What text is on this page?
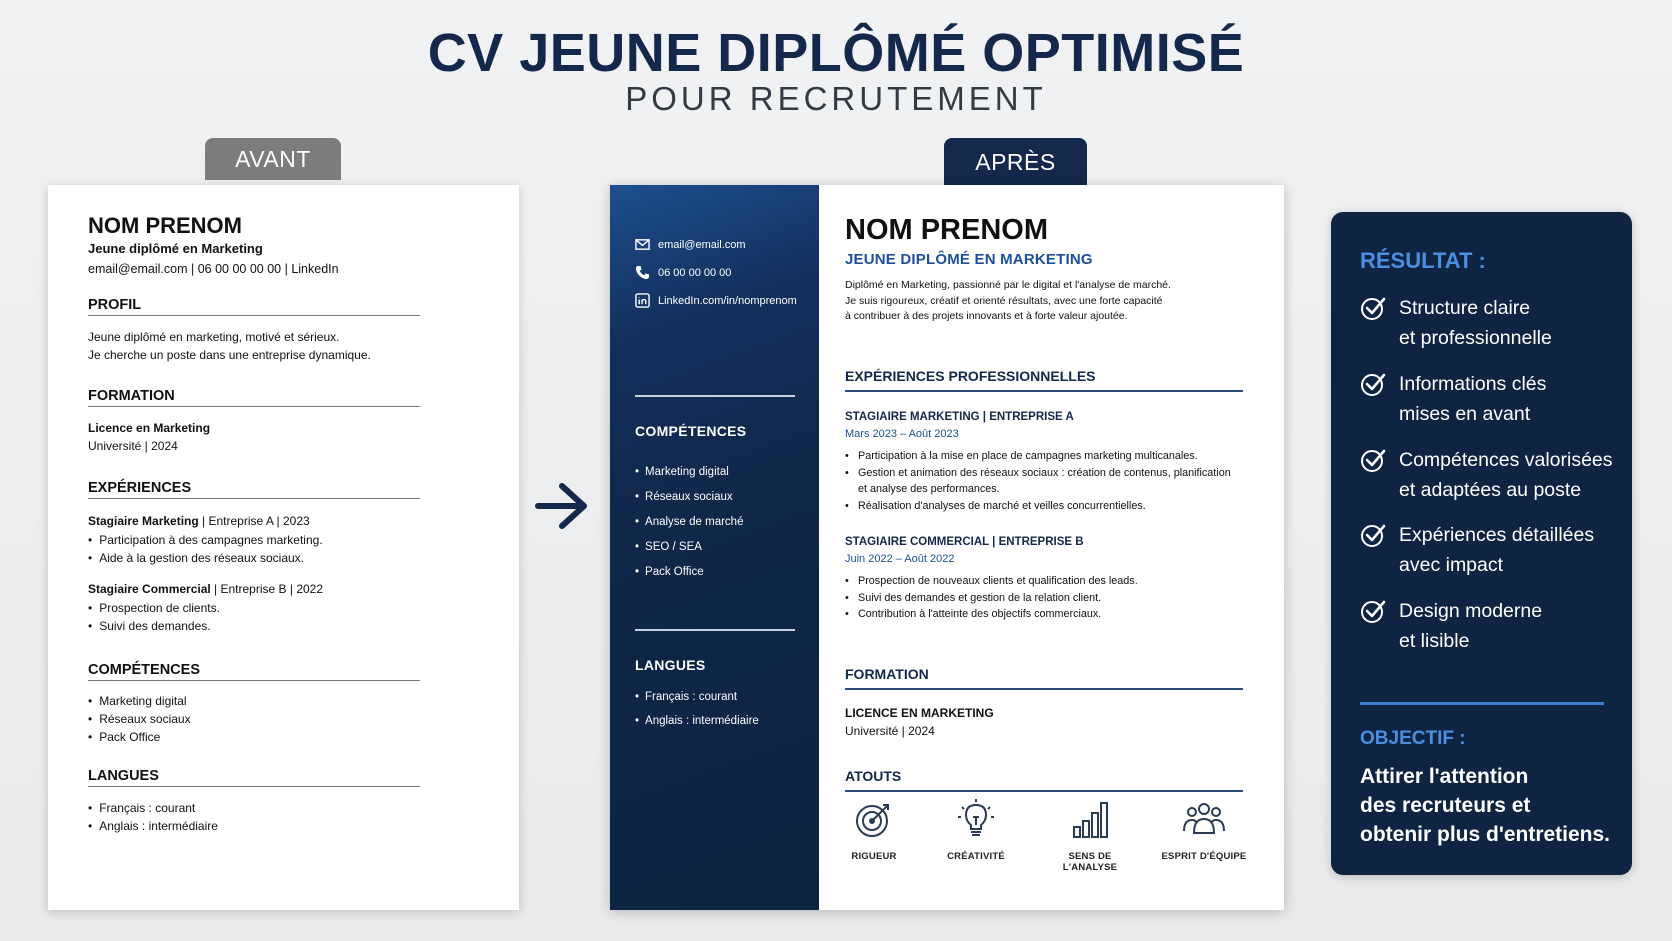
CV JEUNE DIPLÔMÉ OPTIMISÉ
POUR RECRUTEMENT
AVANT	APRÈS
NOM PRENOM
Jeune diplômé en Marketing
email@email.com | 06 00 00 00 00 | LinkedIn
PROFIL
Jeune diplômé en marketing, motivé et sérieux.
Je cherche un poste dans une entreprise dynamique.
FORMATION
Licence en Marketing
Université | 2024
EXPÉRIENCES
Stagiaire Marketing | Entreprise A | 2023
• Participation à des campagnes marketing.
• Aide à la gestion des réseaux sociaux.
Stagiaire Commercial | Entreprise B | 2022
• Prospection de clients.
• Suivi des demandes.
COMPÉTENCES
• Marketing digital
• Réseaux sociaux
• Pack Office
LANGUES
• Français : courant
• Anglais : intermédiaire
email@email.com
06 00 00 00 00
LinkedIn.com/in/nomprenom
COMPÉTENCES
• Marketing digital
• Réseaux sociaux
• Analyse de marché
• SEO / SEA
• Pack Office
LANGUES
• Français : courant
• Anglais : intermédiaire
NOM PRENOM
JEUNE DIPLÔMÉ EN MARKETING
Diplômé en Marketing, passionné par le digital et l'analyse de marché.
Je suis rigoureux, créatif et orienté résultats, avec une forte capacité
à contribuer à des projets innovants et à forte valeur ajoutée.
EXPÉRIENCES PROFESSIONNELLES
STAGIAIRE MARKETING | ENTREPRISE A
Mars 2023 – Août 2023
• Participation à la mise en place de campagnes marketing multicanales.
• Gestion et animation des réseaux sociaux : création de contenus, planification et analyse des performances.
• Réalisation d'analyses de marché et veilles concurrentielles.
STAGIAIRE COMMERCIAL | ENTREPRISE B
Juin 2022 – Août 2022
• Prospection de nouveaux clients et qualification des leads.
• Suivi des demandes et gestion de la relation client.
• Contribution à l'atteinte des objectifs commerciaux.
FORMATION
LICENCE EN MARKETING
Université | 2024
ATOUTS
RIGUEUR	CRÉATIVITÉ	SENS DE L'ANALYSE
ESPRIT D'ÉQUIPE
RÉSULTAT :
Structure claire
et professionnelle
Informations clés
mises en avant
Compétences valorisées
et adaptées au poste
Expériences détaillées
avec impact
Design moderne
et lisible
OBJECTIF :
Attirer l'attention
des recruteurs et
obtenir plus d'entretiens.
